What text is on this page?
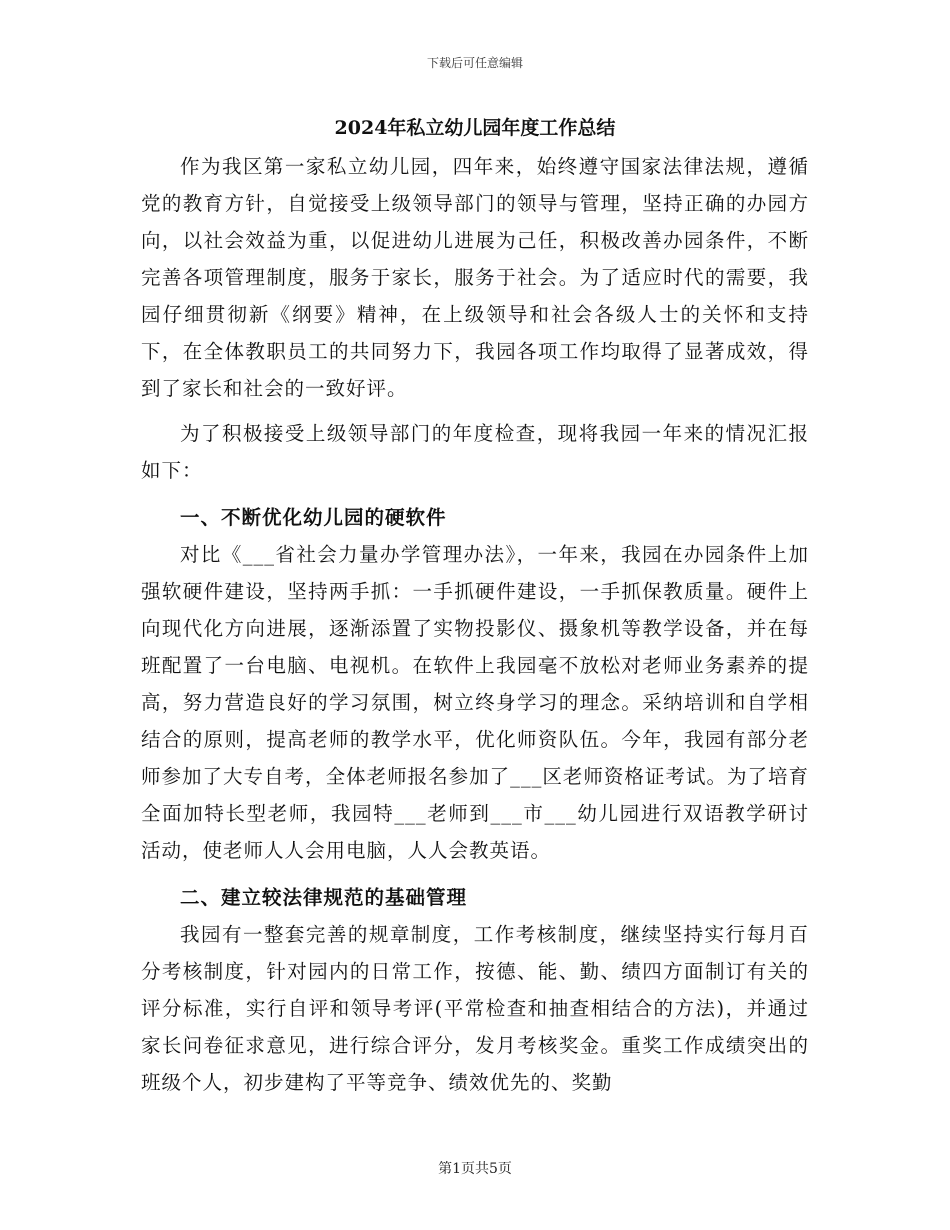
下载后可任意编辑
2024年私立幼儿园年度工作总结

作为我区第一家私立幼儿园，四年来，始终遵守国家法律法规，遵循党的教育方针，自觉接受上级领导部门的领导与管理，坚持正确的办园方向，以社会效益为重，以促进幼儿进展为己任，积极改善办园条件，不断完善各项管理制度，服务于家长，服务于社会。为了适应时代的需要，我园仔细贯彻新《纲要》精神，在上级领导和社会各级人士的关怀和支持下，在全体教职员工的共同努力下，我园各项工作均取得了显著成效，得到了家长和社会的一致好评。

为了积极接受上级领导部门的年度检查，现将我园一年来的情况汇报如下：

一、不断优化幼儿园的硬软件

对比《___省社会力量办学管理办法》，一年来，我园在办园条件上加强软硬件建设，坚持两手抓：一手抓硬件建设，一手抓保教质量。硬件上向现代化方向进展，逐渐添置了实物投影仪、摄象机等教学设备，并在每班配置了一台电脑、电视机。在软件上我园毫不放松对老师业务素养的提高，努力营造良好的学习氛围，树立终身学习的理念。采纳培训和自学相结合的原则，提高老师的教学水平，优化师资队伍。今年，我园有部分老师参加了大专自考，全体老师报名参加了___区老师资格证考试。为了培育全面加特长型老师，我园特___老师到___市___幼儿园进行双语教学研讨活动，使老师人人会用电脑，人人会教英语。

二、建立较法律规范的基础管理

我园有一整套完善的规章制度，工作考核制度，继续坚持实行每月百分考核制度，针对园内的日常工作，按德、能、勤、绩四方面制订有关的评分标准，实行自评和领导考评(平常检查和抽查相结合的方法)，并通过家长问卷征求意见，进行综合评分，发月考核奖金。重奖工作成绩突出的班级个人，初步建构了平等竞争、绩效优先的、奖勤

第1页共5页
